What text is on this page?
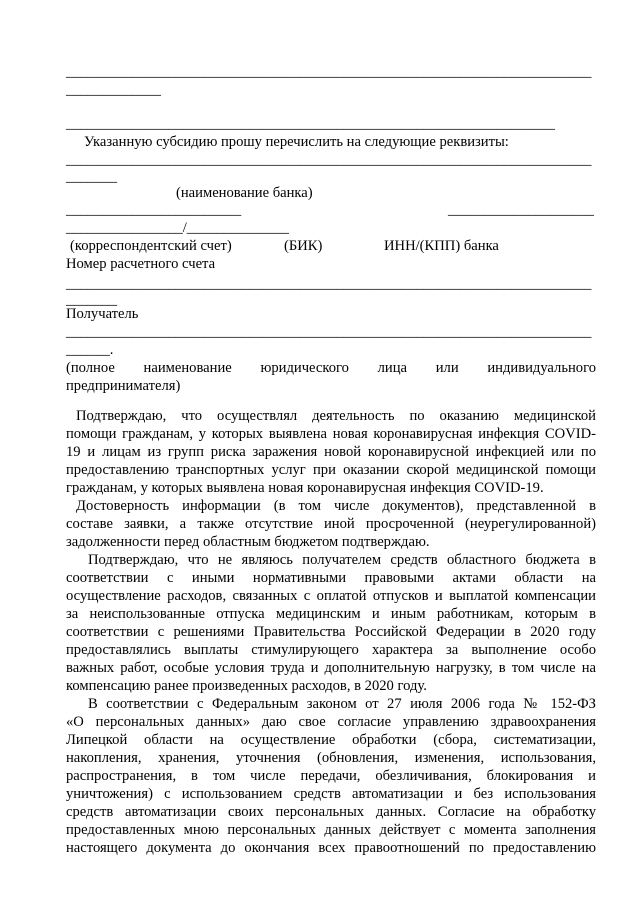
________________________________________________________________________
_____________
___________________________________________________________________
Указанную субсидию прошу перечислить на следующие реквизиты:
________________________________________________________________________
_______
(наименование банка)
________________________	____________________
________________/______________
(корреспондентский счет)	(БИК)	ИНН/(КПП) банка
Номер расчетного счета
________________________________________________________________________
_______
Получатель
________________________________________________________________________
______.

(полное наименование юридического лица или индивидуального

предпринимателя)

Подтверждаю, что осуществлял деятельность по оказанию медицинской

помощи гражданам, у которых выявлена новая коронавирусная инфекция COVID-

19 и лицам из групп риска заражения новой коронавирусной инфекцией или по

предоставлению транспортных услуг при оказании скорой медицинской помощи

гражданам, у которых выявлена новая коронавирусная инфекция COVID-19.

Достоверность информации (в том числе документов), представленной в

составе заявки, а также отсутствие иной просроченной (неурегулированной)

задолженности перед областным бюджетом подтверждаю.

Подтверждаю, что не являюсь получателем средств областного бюджета в

соответствии с иными нормативными правовыми актами области на

осуществление расходов, связанных с оплатой отпусков и выплатой компенсации

за неиспользованные отпуска медицинским и иным работникам, которым в

соответствии с решениями Правительства Российской Федерации в 2020 году

предоставлялись выплаты стимулирующего характера за выполнение особо

важных работ, особые условия труда и дополнительную нагрузку, в том числе на

компенсацию ранее произведенных расходов, в 2020 году.

В соответствии с Федеральным законом от 27 июля 2006 года № 152-ФЗ

«О персональных данных» даю свое согласие управлению здравоохранения

Липецкой области на осуществление обработки (сбора, систематизации,

накопления, хранения, уточнения (обновления, изменения, использования,

распространения, в том числе передачи, обезличивания, блокирования и

уничтожения) с использованием средств автоматизации и без использования

средств автоматизации своих персональных данных. Согласие на обработку

предоставленных мною персональных данных действует с момента заполнения

настоящего документа до окончания всех правоотношений по предоставлению
